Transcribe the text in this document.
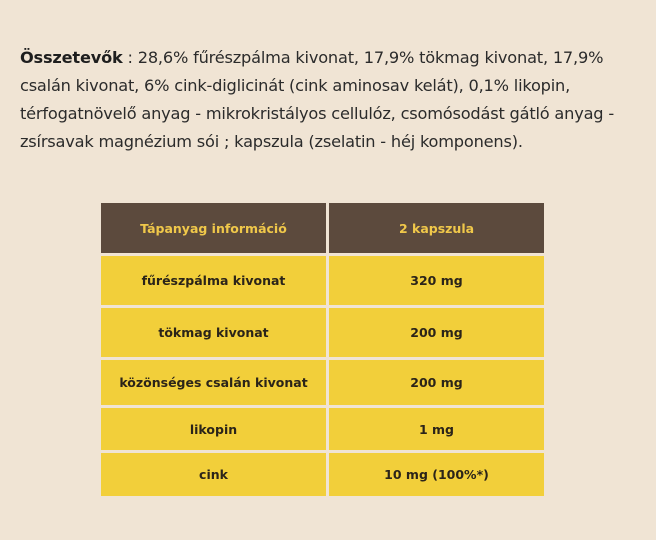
Összetevők : 28,6% fűrészpálma kivonat, 17,9% tökmag kivonat, 17,9% csalán kivonat, 6% cink-diglicinát (cink aminosav kelát), 0,1% likopin, térfogatnövelő anyag - mikrokristályos cellulóz, csomósodást gátló anyag - zsírsavak magnézium sói ; kapszula (zselatin - héj komponens).

Tápanyag információ	2 kapszula
fűrészpálma kivonat	320 mg
tökmag kivonat	200 mg
közönséges csalán kivonat	200 mg
likopin	1 mg
cink	10 mg (100%*)
